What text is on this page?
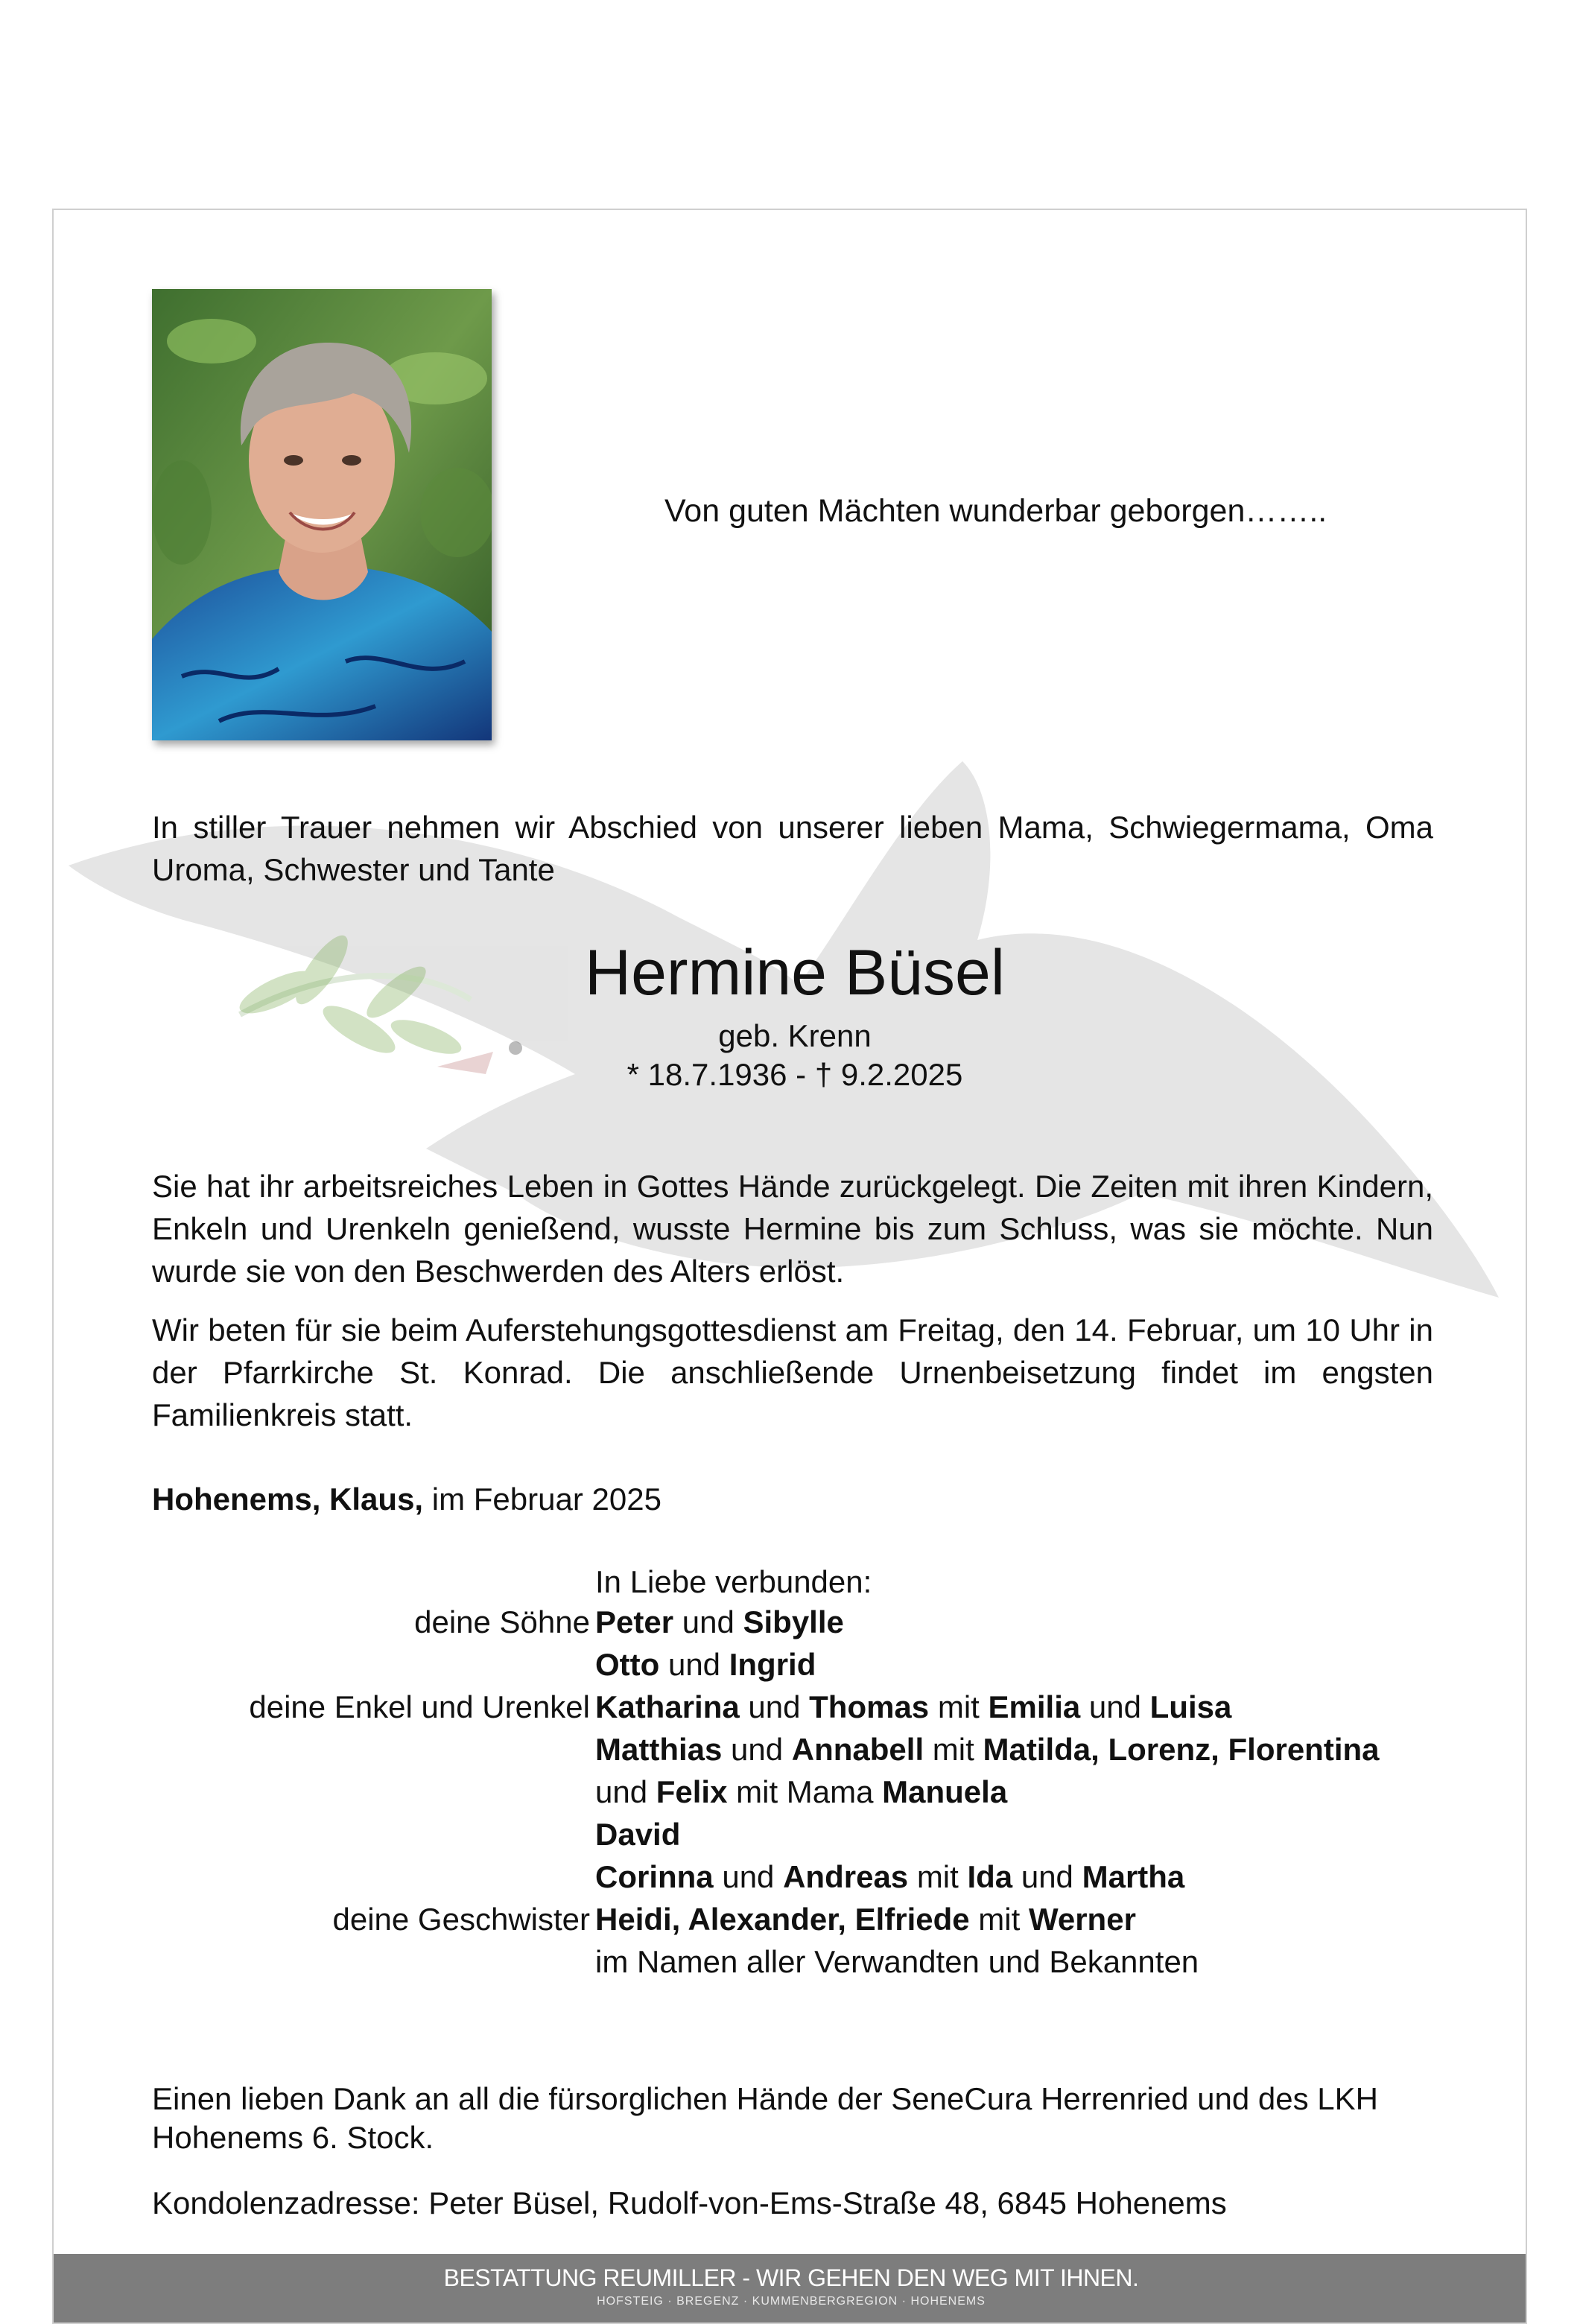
Von guten Mächten wunderbar geborgen……..
In stiller Trauer nehmen wir Abschied von unserer lieben Mama, Schwiegermama, Oma Uroma, Schwester und Tante
Hermine Büsel
geb. Krenn
* 18.7.1936 - † 9.2.2025
Sie hat ihr arbeitsreiches Leben in Gottes Hände zurückgelegt. Die Zeiten mit ihren Kindern, Enkeln und Urenkeln genießend, wusste Hermine bis zum Schluss, was sie möchte. Nun wurde sie von den Beschwerden des Alters erlöst.
Wir beten für sie beim Auferstehungsgottesdienst am Freitag, den 14. Februar, um 10 Uhr in der Pfarrkirche St. Konrad. Die anschließende Urnenbeisetzung findet im engsten Familienkreis statt.
Hohenems, Klaus, im Februar 2025
In Liebe verbunden:
deine Söhne Peter und Sibylle
Otto und Ingrid
deine Enkel und Urenkel Katharina und Thomas mit Emilia und Luisa
Matthias und Annabell mit Matilda, Lorenz, Florentina
und Felix mit Mama Manuela
David
Corinna und Andreas mit Ida und Martha
deine Geschwister Heidi, Alexander, Elfriede mit Werner
im Namen aller Verwandten und Bekannten
Einen lieben Dank an all die fürsorglichen Hände der SeneCura Herrenried und des LKH Hohenems 6. Stock.
Kondolenzadresse: Peter Büsel, Rudolf-von-Ems-Straße 48, 6845 Hohenems
BESTATTUNG REUMILLER - WIR GEHEN DEN WEG MIT IHNEN.
HOFSTEIG · BREGENZ · KUMMENBERGREGION · HOHENEMS
